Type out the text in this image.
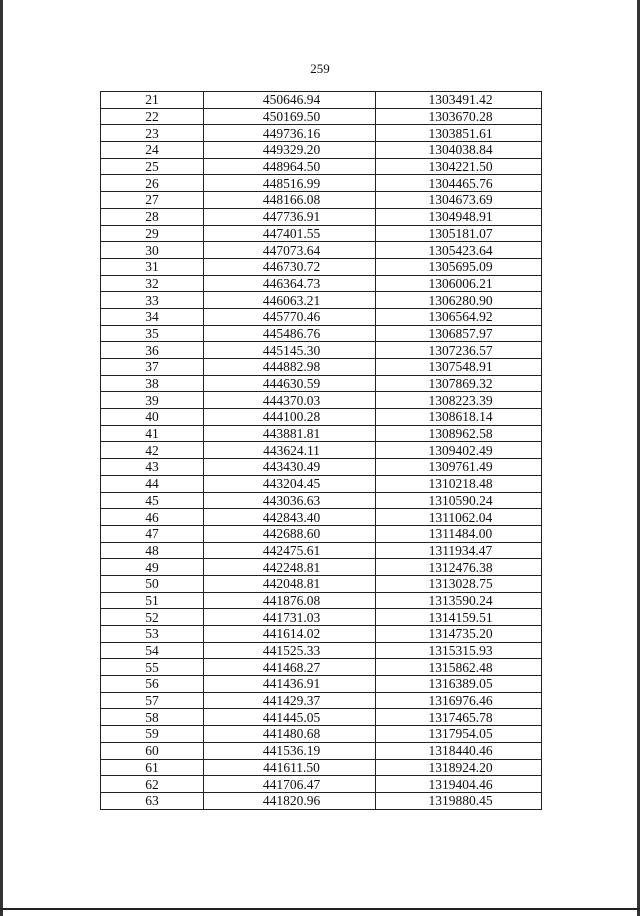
259
21	450646.94	1303491.42
22	450169.50	1303670.28
23	449736.16	1303851.61
24	449329.20	1304038.84
25	448964.50	1304221.50
26	448516.99	1304465.76
27	448166.08	1304673.69
28	447736.91	1304948.91
29	447401.55	1305181.07
30	447073.64	1305423.64
31	446730.72	1305695.09
32	446364.73	1306006.21
33	446063.21	1306280.90
34	445770.46	1306564.92
35	445486.76	1306857.97
36	445145.30	1307236.57
37	444882.98	1307548.91
38	444630.59	1307869.32
39	444370.03	1308223.39
40	444100.28	1308618.14
41	443881.81	1308962.58
42	443624.11	1309402.49
43	443430.49	1309761.49
44	443204.45	1310218.48
45	443036.63	1310590.24
46	442843.40	1311062.04
47	442688.60	1311484.00
48	442475.61	1311934.47
49	442248.81	1312476.38
50	442048.81	1313028.75
51	441876.08	1313590.24
52	441731.03	1314159.51
53	441614.02	1314735.20
54	441525.33	1315315.93
55	441468.27	1315862.48
56	441436.91	1316389.05
57	441429.37	1316976.46
58	441445.05	1317465.78
59	441480.68	1317954.05
60	441536.19	1318440.46
61	441611.50	1318924.20
62	441706.47	1319404.46
63	441820.96	1319880.45
